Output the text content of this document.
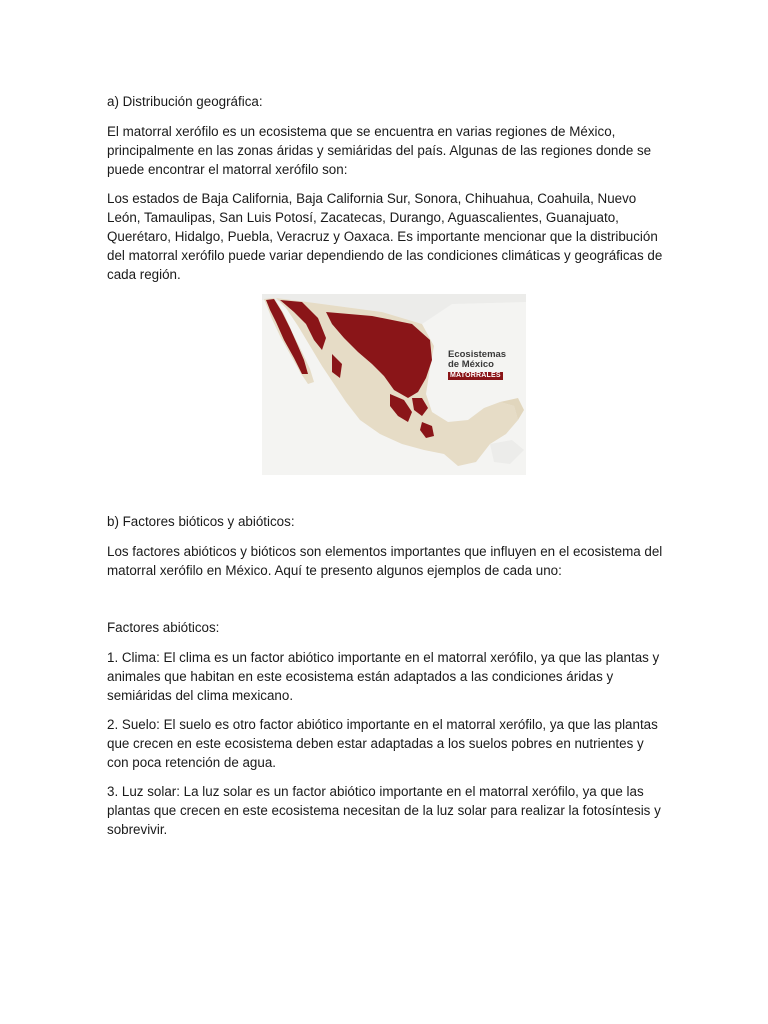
a) Distribución geográfica:

El matorral xerófilo es un ecosistema que se encuentra en varias regiones de México, principalmente en las zonas áridas y semiáridas del país. Algunas de las regiones donde se puede encontrar el matorral xerófilo son:

Los estados de Baja California, Baja California Sur, Sonora, Chihuahua, Coahuila, Nuevo León, Tamaulipas, San Luis Potosí, Zacatecas, Durango, Aguascalientes, Guanajuato, Querétaro, Hidalgo, Puebla, Veracruz y Oaxaca. Es importante mencionar que la distribución del matorral xerófilo puede variar dependiendo de las condiciones climáticas y geográficas de cada región.

Ecosistemas
de México
MATORRALES

b) Factores bióticos y abióticos:

Los factores abióticos y bióticos son elementos importantes que influyen en el ecosistema del matorral xerófilo en México. Aquí te presento algunos ejemplos de cada uno:

Factores abióticos:

1. Clima: El clima es un factor abiótico importante en el matorral xerófilo, ya que las plantas y animales que habitan en este ecosistema están adaptados a las condiciones áridas y semiáridas del clima mexicano.

2. Suelo: El suelo es otro factor abiótico importante en el matorral xerófilo, ya que las plantas que crecen en este ecosistema deben estar adaptadas a los suelos pobres en nutrientes y con poca retención de agua.

3. Luz solar: La luz solar es un factor abiótico importante en el matorral xerófilo, ya que las plantas que crecen en este ecosistema necesitan de la luz solar para realizar la fotosíntesis y sobrevivir.
